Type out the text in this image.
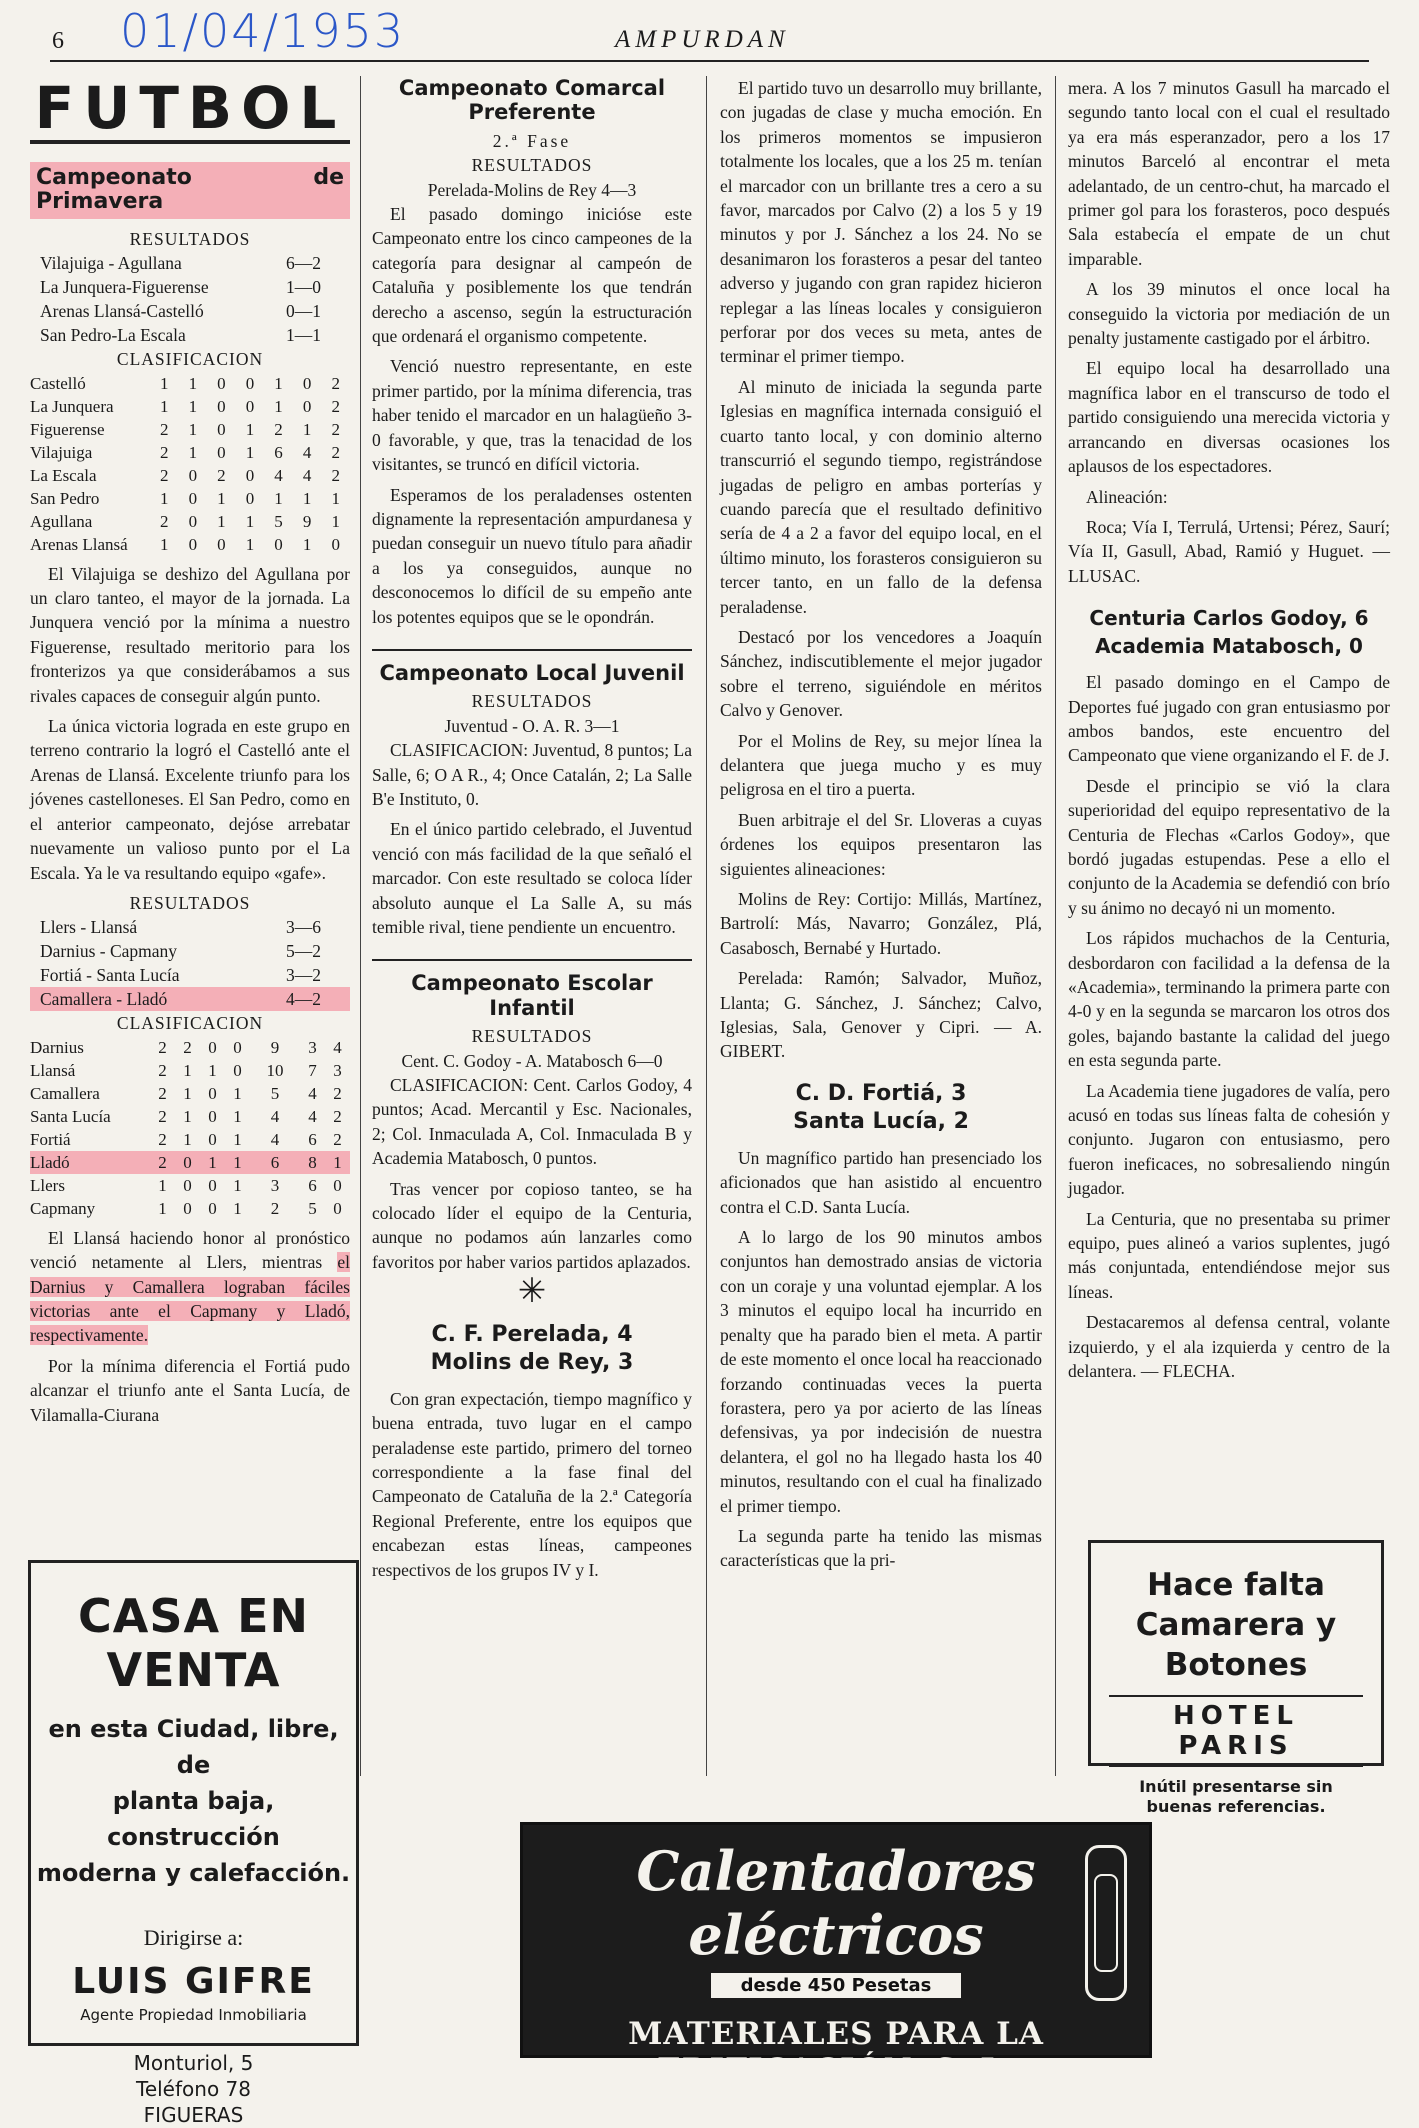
6 01/04/1953	AMPURDAN
FUTBOL
Campeonato de Primavera
RESULTADOS
Vilajuiga - Agullana	6—2
La Junquera-Figuerense	1—0
Arenas Llansá-Castelló	0—1
San Pedro-La Escala	1—1
CLASIFICACION
Castelló	1	1	0	0	1	0	2
La Junquera	1	1	0	0	1	0	2
Figuerense	2	1	0	1	2	1	2
Vilajuiga	2	1	0	1	6	4	2
La Escala	2	0	2	0	4	4	2
San Pedro	1	0	1	0	1	1	1
Agullana	2	0	1	1	5	9	1
Arenas Llansá	1	0	0	1	0	1	0

El Vilajuiga se deshizo del Agullana por un claro tanteo, el mayor de la jornada. La Junquera venció por la mínima a nuestro Figuerense, resultado meritorio para los fronterizos ya que considerábamos a sus rivales capaces de conseguir algún punto.

La única victoria lograda en este grupo en terreno contrario la logró el Castelló ante el Arenas de Llansá. Excelente triunfo para los jóvenes castelloneses. El San Pedro, como en el anterior campeonato, dejóse arrebatar nuevamente un valioso punto por el La Escala. Ya le va resultando equipo «gafe».

RESULTADOS
Llers - Llansá	3—6
Darnius - Capmany	5—2
Fortiá - Santa Lucía	3—2
Camallera - Lladó	4—2
CLASIFICACION
Darnius	2	2	0	0	9	3	4
Llansá	2	1	1	0	10	7	3
Camallera	2	1	0	1	5	4	2
Santa Lucía	2	1	0	1	4	4	2
Fortiá	2	1	0	1	4	6	2
Lladó	2	0	1	1	6	8	1
Llers	1	0	0	1	3	6	0
Capmany	1	0	0	1	2	5	0

El Llansá haciendo honor al pronóstico venció netamente al Llers, mientras el Darnius y Camallera lograban fáciles victorias ante el Capmany y Lladó, respectivamente.

Por la mínima diferencia el Fortiá pudo alcanzar el triunfo ante el Santa Lucía, de Vilamalla-Ciurana

Campeonato Comarcal Preferente
2.ª Fase
RESULTADOS
Perelada-Molins de Rey 4—3

El pasado domingo inicióse este Campeonato entre los cinco campeones de la categoría para designar al campeón de Cataluña y posiblemente los que tendrán derecho a ascenso, según la estructuración que ordenará el organismo competente.

Venció nuestro representante, en este primer partido, por la mínima diferencia, tras haber tenido el marcador en un halagüeño 3-0 favorable, y que, tras la tenacidad de los visitantes, se truncó en difícil victoria.

Esperamos de los peraladenses ostenten dignamente la representación ampurdanesa y puedan conseguir un nuevo título para añadir a los ya conseguidos, aunque no desconocemos lo difícil de su empeño ante los potentes equipos que se le opondrán.

Campeonato Local Juvenil
RESULTADOS
Juventud - O. A. R. 3—1

CLASIFICACION: Juventud, 8 puntos; La Salle, 6; O A R., 4; Once Catalán, 2; La Salle B'e Instituto, 0.

En el único partido celebrado, el Juventud venció con más facilidad de la que señaló el marcador. Con este resultado se coloca líder absoluto aunque el La Salle A, su más temible rival, tiene pendiente un encuentro.

Campeonato Escolar Infantil
RESULTADOS
Cent. C. Godoy - A. Matabosch 6—0

CLASIFICACION: Cent. Carlos Godoy, 4 puntos; Acad. Mercantil y Esc. Nacionales, 2; Col. Inmaculada A, Col. Inmaculada B y Academia Matabosch, 0 puntos.

Tras vencer por copioso tanteo, se ha colocado líder el equipo de la Centuria, aunque no podamos aún lanzarles como favoritos por haber varios partidos aplazados.

✳
C. F. Perelada, 4
Molins de Rey, 3

Con gran expectación, tiempo magnífico y buena entrada, tuvo lugar en el campo peraladense este partido, primero del torneo correspondiente a la fase final del Campeonato de Cataluña de la 2.ª Categoría Regional Preferente, entre los equipos que encabezan estas líneas, campeones respectivos de los grupos IV y I.

El partido tuvo un desarrollo muy brillante, con jugadas de clase y mucha emoción. En los primeros momentos se impusieron totalmente los locales, que a los 25 m. tenían el marcador con un brillante tres a cero a su favor, marcados por Calvo (2) a los 5 y 19 minutos y por J. Sánchez a los 24. No se desanimaron los forasteros a pesar del tanteo adverso y jugando con gran rapidez hicieron replegar a las líneas locales y consiguieron perforar por dos veces su meta, antes de terminar el primer tiempo.

Al minuto de iniciada la segunda parte Iglesias en magnífica internada consiguió el cuarto tanto local, y con dominio alterno transcurrió el segundo tiempo, registrándose jugadas de peligro en ambas porterías y cuando parecía que el resultado definitivo sería de 4 a 2 a favor del equipo local, en el último minuto, los forasteros consiguieron su tercer tanto, en un fallo de la defensa peraladense.

Destacó por los vencedores a Joaquín Sánchez, indiscutiblemente el mejor jugador sobre el terreno, siguiéndole en méritos Calvo y Genover.

Por el Molins de Rey, su mejor línea la delantera que juega mucho y es muy peligrosa en el tiro a puerta.

Buen arbitraje el del Sr. Lloveras a cuyas órdenes los equipos presentaron las siguientes alineaciones:

Molins de Rey: Cortijo: Millás, Martínez, Bartrolí: Más, Navarro; González, Plá, Casabosch, Bernabé y Hurtado.

Perelada: Ramón; Salvador, Muñoz, Llanta; G. Sánchez, J. Sánchez; Calvo, Iglesias, Sala, Genover y Cipri. — A. GIBERT.

C. D. Fortiá, 3
Santa Lucía, 2

Un magnífico partido han presenciado los aficionados que han asistido al encuentro contra el C.D. Santa Lucía.

A lo largo de los 90 minutos ambos conjuntos han demostrado ansias de victoria con un coraje y una voluntad ejemplar. A los 3 minutos el equipo local ha incurrido en penalty que ha parado bien el meta. A partir de este momento el once local ha reaccionado forzando continuadas veces la puerta forastera, pero ya por acierto de las líneas defensivas, ya por indecisión de nuestra delantera, el gol no ha llegado hasta los 40 minutos, resultando con el cual ha finalizado el primer tiempo.

La segunda parte ha tenido las mismas características que la pri-

mera. A los 7 minutos Gasull ha marcado el segundo tanto local con el cual el resultado ya era más esperanzador, pero a los 17 minutos Barceló al encontrar el meta adelantado, de un centro-chut, ha marcado el primer gol para los forasteros, poco después Sala estabecía el empate de un chut imparable.

A los 39 minutos el once local ha conseguido la victoria por mediación de un penalty justamente castigado por el árbitro.

El equipo local ha desarrollado una magnífica labor en el transcurso de todo el partido consiguiendo una merecida victoria y arrancando en diversas ocasiones los aplausos de los espectadores.

Alineación:

Roca; Vía I, Terrulá, Urtensi; Pérez, Saurí; Vía II, Gasull, Abad, Ramió y Huguet. — LLUSAC.

Centuria Carlos Godoy, 6
Academia Matabosch, 0

El pasado domingo en el Campo de Deportes fué jugado con gran entusiasmo por ambos bandos, este encuentro del Campeonato que viene organizando el F. de J.

Desde el principio se vió la clara superioridad del equipo representativo de la Centuria de Flechas «Carlos Godoy», que bordó jugadas estupendas. Pese a ello el conjunto de la Academia se defendió con brío y su ánimo no decayó ni un momento.

Los rápidos muchachos de la Centuria, desbordaron con facilidad a la defensa de la «Academia», terminando la primera parte con 4-0 y en la segunda se marcaron los otros dos goles, bajando bastante la calidad del juego en esta segunda parte.

La Academia tiene jugadores de valía, pero acusó en todas sus líneas falta de cohesión y conjunto. Jugaron con entusiasmo, pero fueron ineficaces, no sobresaliendo ningún jugador.

La Centuria, que no presentaba su primer equipo, pues alineó a varios suplentes, jugó más conjuntada, entendiéndose mejor sus líneas.

Destacaremos al defensa central, volante izquierdo, y el ala izquierda y centro de la delantera. — FLECHA.

CASA EN VENTA
en esta Ciudad, libre, de
planta baja, construcción
moderna y calefacción.
Dirigirse a:
LUIS GIFRE
Agente Propiedad Inmobiliaria
Monturiol, 5
Teléfono 78
FIGUERAS
Hace falta
Camarera y Botones
HOTEL PARIS
Inútil presentarse sin
buenas referencias.
Calentadores eléctricos
desde 450 Pesetas
MATERIALES PARA LA EDIFICACIÓN, S. L.
PLZA. COMERCIO Nº 16	FIGUERAS
